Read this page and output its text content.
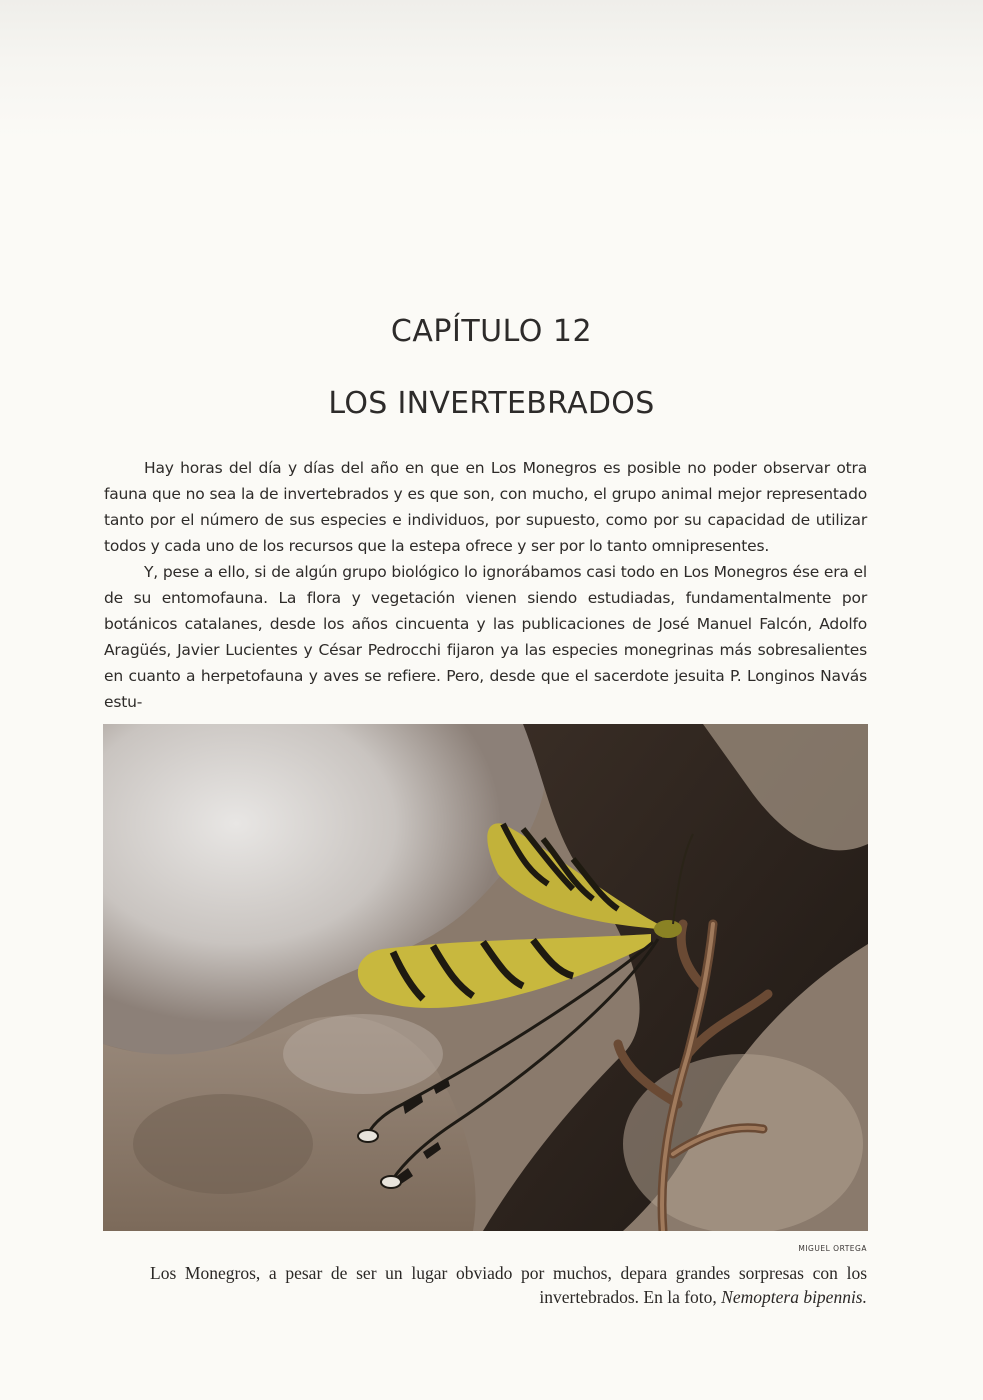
CAPÍTULO 12
LOS INVERTEBRADOS

Hay horas del día y días del año en que en Los Monegros es posible no poder observar otra fauna que no sea la de invertebrados y es que son, con mucho, el grupo animal mejor representado tanto por el número de sus especies e individuos, por supuesto, como por su capacidad de utilizar todos y cada uno de los recursos que la estepa ofrece y ser por lo tanto omnipresentes.

Y, pese a ello, si de algún grupo biológico lo ignorábamos casi todo en Los Monegros ése era el de su entomofauna. La flora y vegetación vienen siendo estudiadas, fundamentalmente por botánicos catalanes, desde los años cincuenta y las publicaciones de José Manuel Falcón, Adolfo Aragüés, Javier Lucientes y César Pedrocchi fijaron ya las especies monegrinas más sobresalientes en cuanto a herpetofauna y aves se refiere. Pero, desde que el sacerdote jesuita P. Longinos Navás estu-

MIGUEL ORTEGA
Los Monegros, a pesar de ser un lugar obviado por muchos, depara grandes sorpresas con los invertebrados. En la foto, Nemoptera bipennis.
